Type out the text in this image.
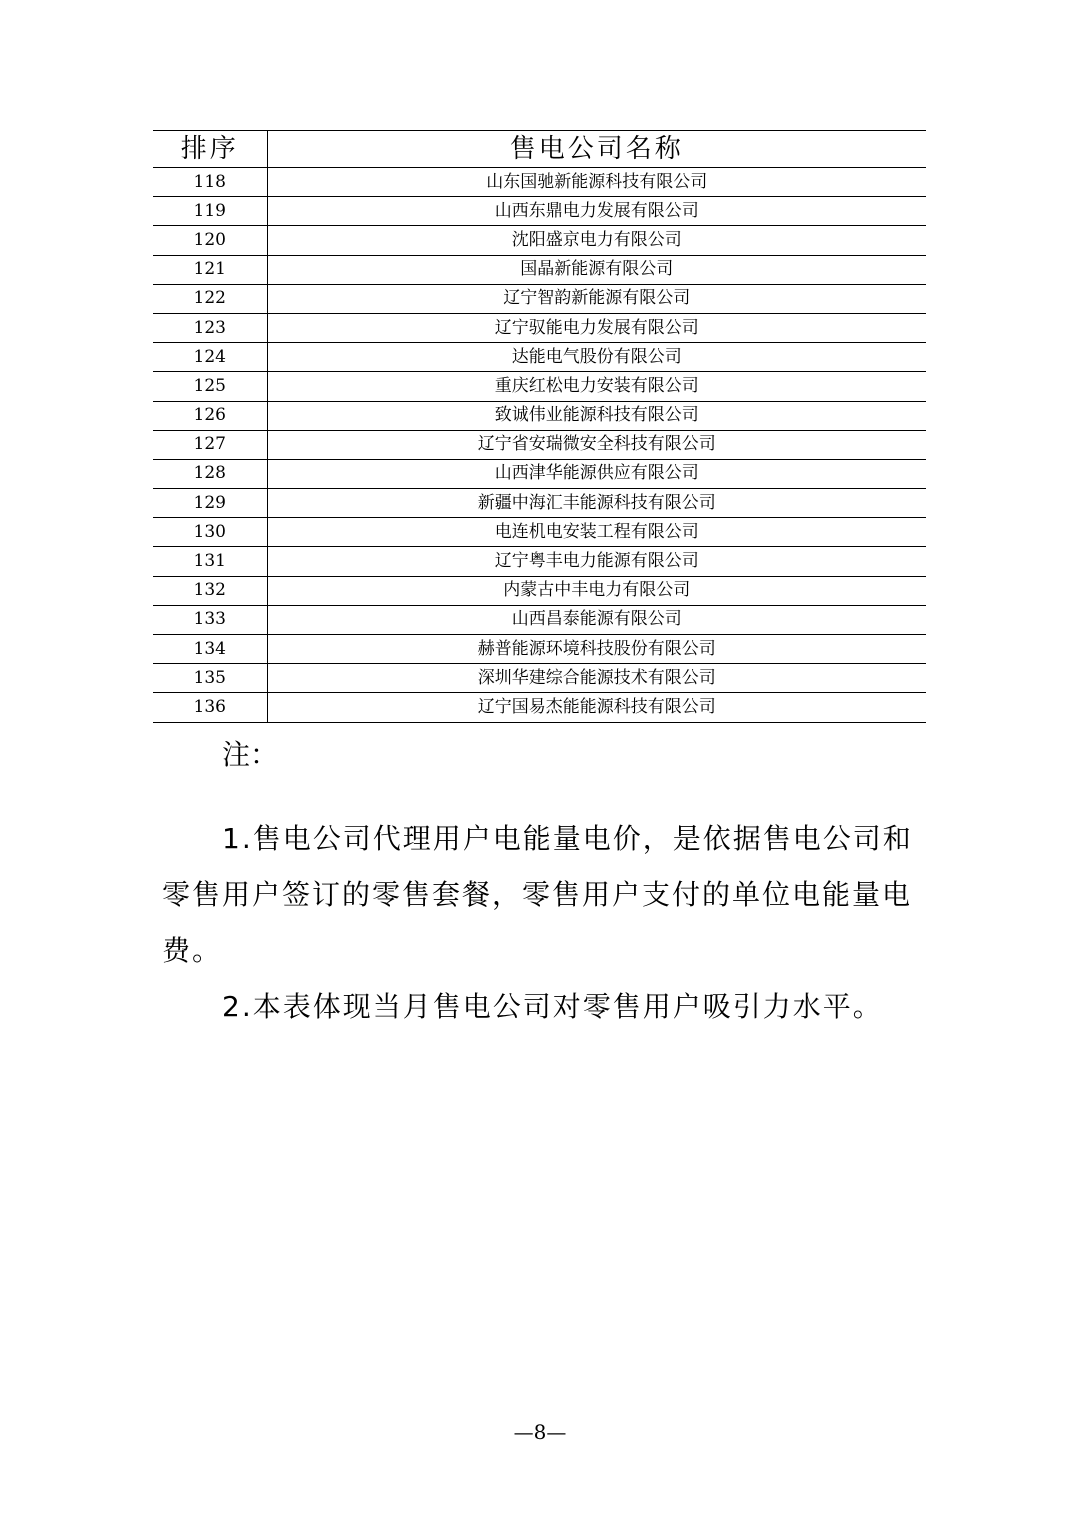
排序	售电公司名称
118	山东国驰新能源科技有限公司
119	山西东鼎电力发展有限公司
120	沈阳盛京电力有限公司
121	国晶新能源有限公司
122	辽宁智韵新能源有限公司
123	辽宁驭能电力发展有限公司
124	达能电气股份有限公司
125	重庆红松电力安装有限公司
126	致诚伟业能源科技有限公司
127	辽宁省安瑞微安全科技有限公司
128	山西津华能源供应有限公司
129	新疆中海汇丰能源科技有限公司
130	电连机电安装工程有限公司
131	辽宁粤丰电力能源有限公司
132	内蒙古中丰电力有限公司
133	山西昌泰能源有限公司
134	赫普能源环境科技股份有限公司
135	深圳华建综合能源技术有限公司
136	辽宁国易杰能能源科技有限公司
注：

1.售电公司代理用户电能量电价，是依据售电公司和零售用户签订的零售套餐，零售用户支付的单位电能量电费。

2.本表体现当月售电公司对零售用户吸引力水平。

—8—
